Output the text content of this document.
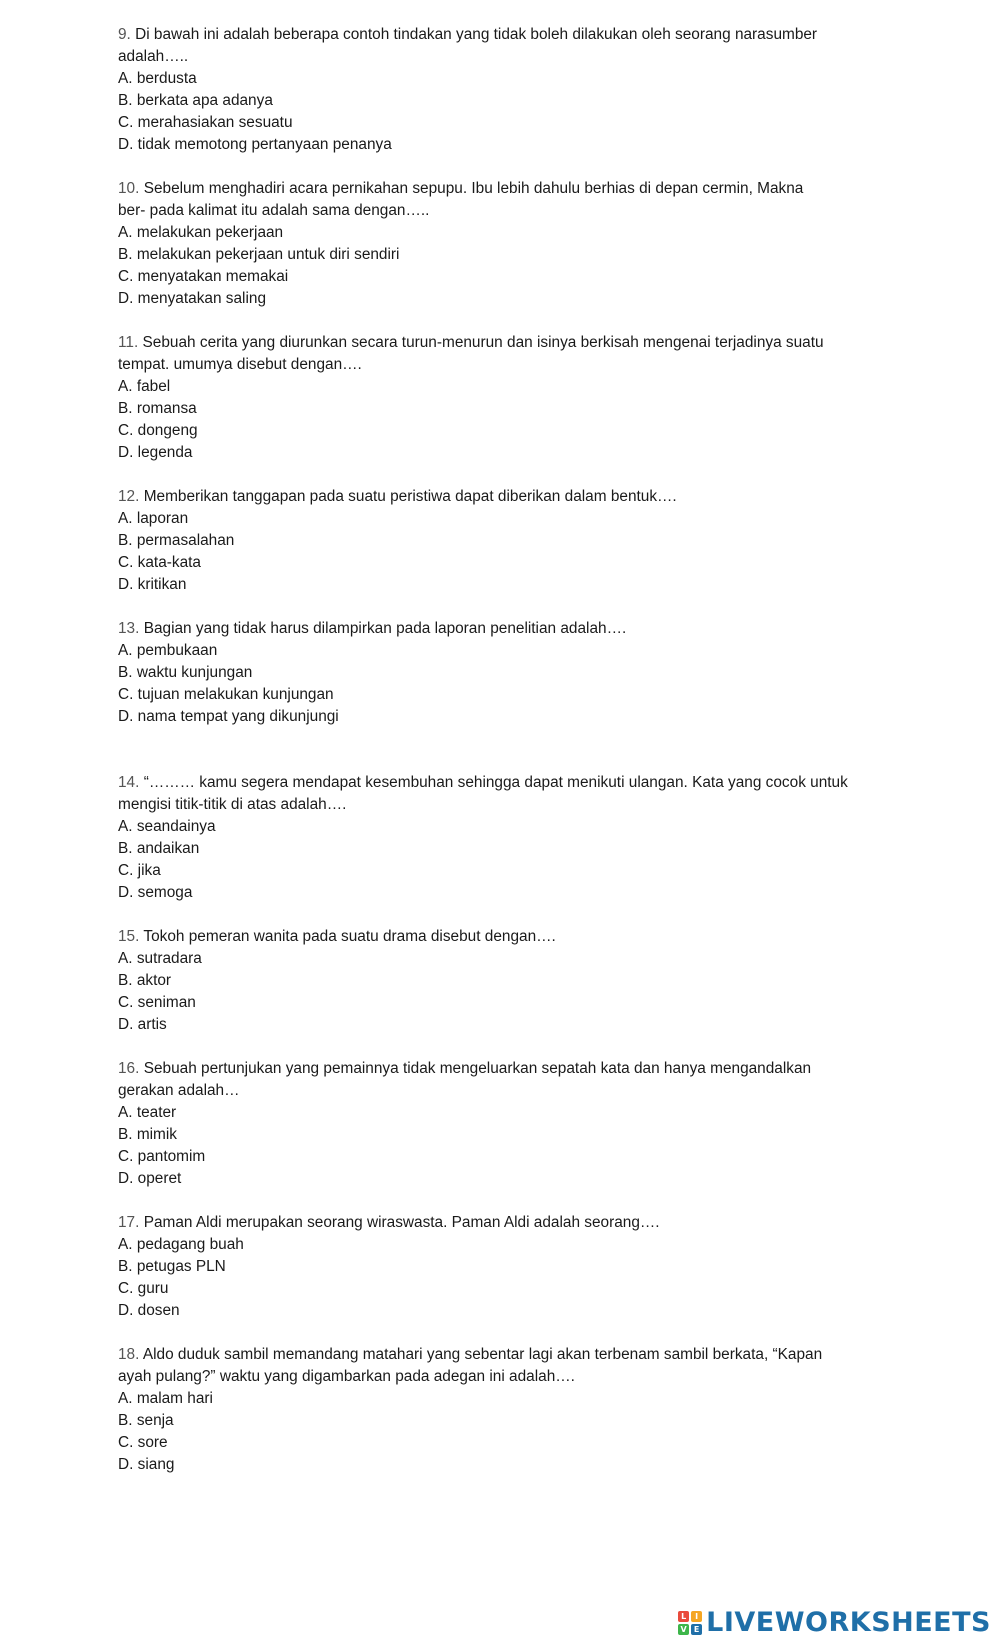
9. Di bawah ini adalah beberapa contoh tindakan yang tidak boleh dilakukan oleh seorang narasumber

adalah…..

A. berdusta

B. berkata apa adanya

C. merahasiakan sesuatu

D. tidak memotong pertanyaan penanya

10. Sebelum menghadiri acara pernikahan sepupu. Ibu lebih dahulu berhias di depan cermin, Makna

ber- pada kalimat itu adalah sama dengan…..

A. melakukan pekerjaan

B. melakukan pekerjaan untuk diri sendiri

C. menyatakan memakai

D. menyatakan saling

11. Sebuah cerita yang diurunkan secara turun-menurun dan isinya berkisah mengenai terjadinya suatu

tempat. umumya disebut dengan….

A. fabel

B. romansa

C. dongeng

D. legenda

12. Memberikan tanggapan pada suatu peristiwa dapat diberikan dalam bentuk….

A. laporan

B. permasalahan

C. kata-kata

D. kritikan

13. Bagian yang tidak harus dilampirkan pada laporan penelitian adalah….

A. pembukaan

B. waktu kunjungan

C. tujuan melakukan kunjungan

D. nama tempat yang dikunjungi

14. “……… kamu segera mendapat kesembuhan sehingga dapat menikuti ulangan. Kata yang cocok untuk

mengisi titik-titik di atas adalah….

A. seandainya

B. andaikan

C. jika

D. semoga

15. Tokoh pemeran wanita pada suatu drama disebut dengan….

A. sutradara

B. aktor

C. seniman

D. artis

16. Sebuah pertunjukan yang pemainnya tidak mengeluarkan sepatah kata dan hanya mengandalkan

gerakan adalah…

A. teater

B. mimik

C. pantomim

D. operet

17. Paman Aldi merupakan seorang wiraswasta. Paman Aldi adalah seorang….

A. pedagang buah

B. petugas PLN

C. guru

D. dosen

18. Aldo duduk sambil memandang matahari yang sebentar lagi akan terbenam sambil berkata, “Kapan

ayah pulang?” waktu yang digambarkan pada adegan ini adalah….

A. malam hari

B. senja

C. sore

D. siang

L	I
V E LIVEWORKSHEETS
